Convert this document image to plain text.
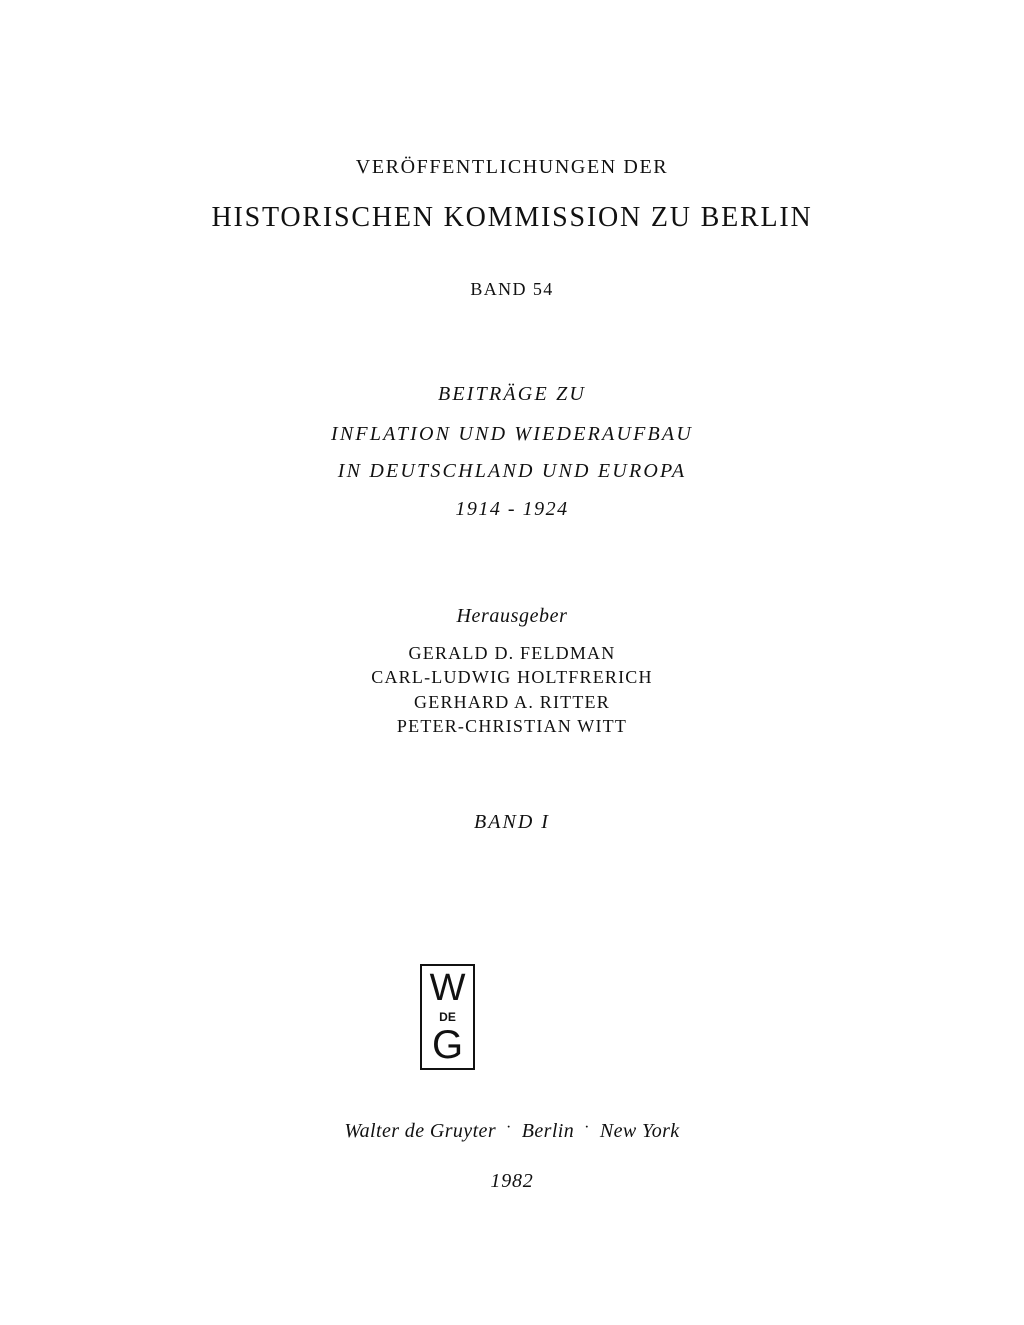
VERÖFFENTLICHUNGEN DER
HISTORISCHEN KOMMISSION ZU BERLIN
BAND 54
BEITRÄGE ZU
INFLATION UND WIEDERAUFBAU
IN DEUTSCHLAND UND EUROPA
1914 - 1924
Herausgeber
GERALD D. FELDMAN
CARL-LUDWIG HOLTFRERICH
GERHARD A. RITTER
PETER-CHRISTIAN WITT
BAND I
W
DE
G
Walter de Gruyter · Berlin · New York
1982
